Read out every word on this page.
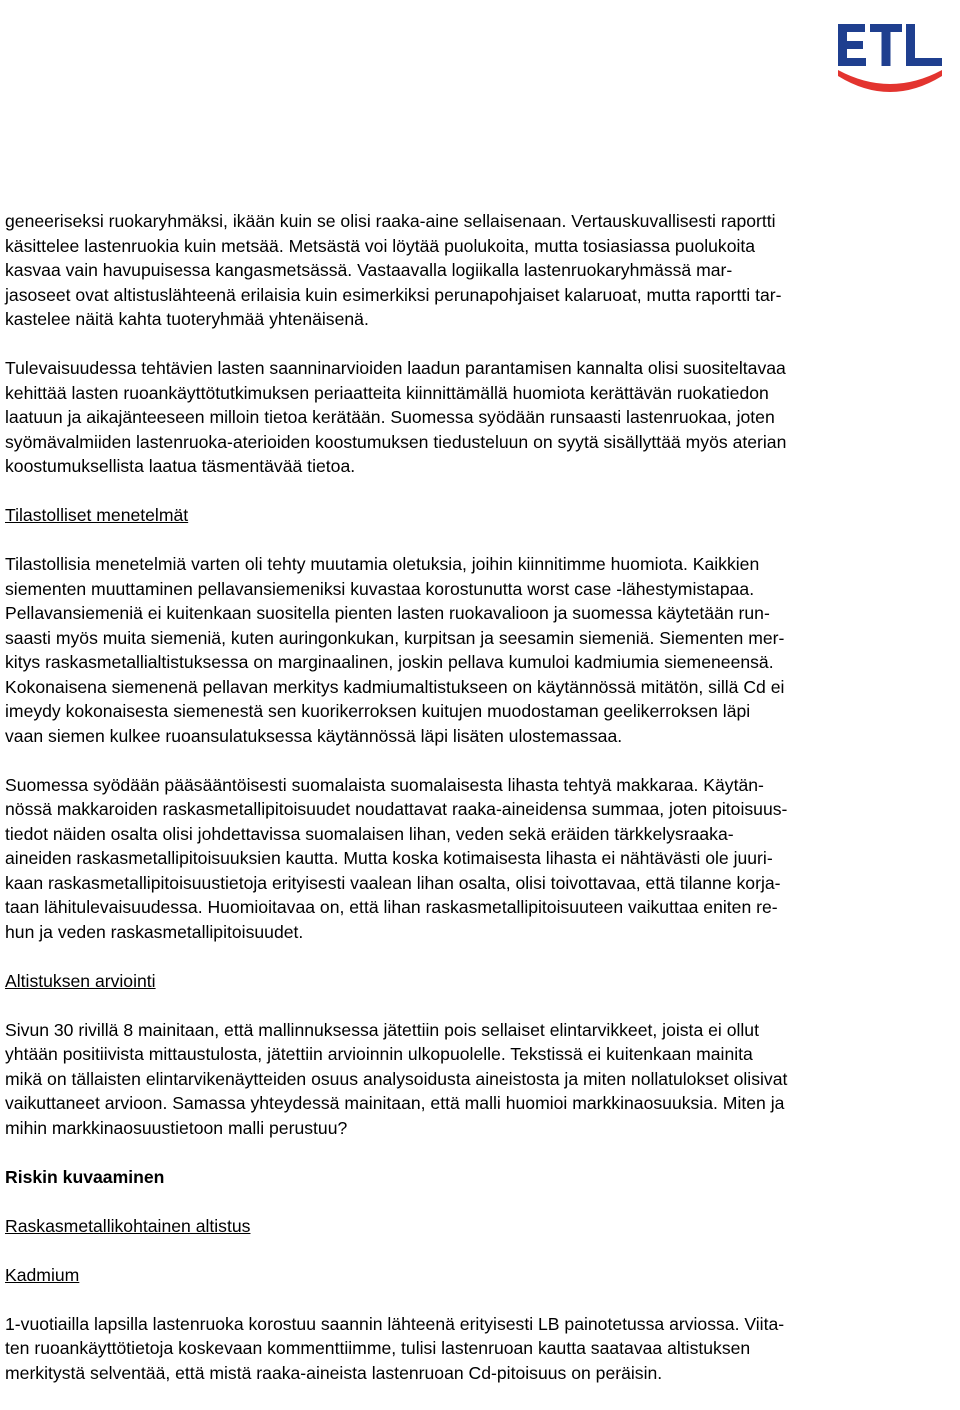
geneeriseksi ruokaryhmäksi, ikään kuin se olisi raaka-aine sellaisenaan. Vertauskuvallisesti raportti
käsittelee lastenruokia kuin metsää. Metsästä voi löytää puolukoita, mutta tosiasiassa puolukoita
kasvaa vain havupuisessa kangasmetsässä. Vastaavalla logiikalla lastenruokaryhmässä mar-
jasoseet ovat altistuslähteenä erilaisia kuin esimerkiksi perunapohjaiset kalaruoat, mutta raportti tar-
kastelee näitä kahta tuoteryhmää yhtenäisenä.

Tulevaisuudessa tehtävien lasten saanninarvioiden laadun parantamisen kannalta olisi suositeltavaa
kehittää lasten ruoankäyttötutkimuksen periaatteita kiinnittämällä huomiota kerättävän ruokatiedon
laatuun ja aikajänteeseen milloin tietoa kerätään. Suomessa syödään runsaasti lastenruokaa, joten
syömävalmiiden lastenruoka-aterioiden koostumuksen tiedusteluun on syytä sisällyttää myös aterian
koostumuksellista laatua täsmentävää tietoa.

Tilastolliset menetelmät

Tilastollisia menetelmiä varten oli tehty muutamia oletuksia, joihin kiinnitimme huomiota. Kaikkien
siementen muuttaminen pellavansiemeniksi kuvastaa korostunutta worst case -lähestymistapaa.
Pellavansiemeniä ei kuitenkaan suositella pienten lasten ruokavalioon ja suomessa käytetään run-
saasti myös muita siemeniä, kuten auringonkukan, kurpitsan ja seesamin siemeniä. Siementen mer-
kitys raskasmetallialtistuksessa on marginaalinen, joskin pellava kumuloi kadmiumia siemeneensä.
Kokonaisena siemenenä pellavan merkitys kadmiumaltistukseen on käytännössä mitätön, sillä Cd ei
imeydy kokonaisesta siemenestä sen kuorikerroksen kuitujen muodostaman geelikerroksen läpi
vaan siemen kulkee ruoansulatuksessa käytännössä läpi lisäten ulostemassaa.

Suomessa syödään pääsääntöisesti suomalaista suomalaisesta lihasta tehtyä makkaraa. Käytän-
nössä makkaroiden raskasmetallipitoisuudet noudattavat raaka-aineidensa summaa, joten pitoisuus-
tiedot näiden osalta olisi johdettavissa suomalaisen lihan, veden sekä eräiden tärkkelysraaka-
aineiden raskasmetallipitoisuuksien kautta. Mutta koska kotimaisesta lihasta ei nähtävästi ole juuri-
kaan raskasmetallipitoisuustietoja erityisesti vaalean lihan osalta, olisi toivottavaa, että tilanne korja-
taan lähitulevaisuudessa. Huomioitavaa on, että lihan raskasmetallipitoisuuteen vaikuttaa eniten re-
hun ja veden raskasmetallipitoisuudet.

Altistuksen arviointi

Sivun 30 rivillä 8 mainitaan, että mallinnuksessa jätettiin pois sellaiset elintarvikkeet, joista ei ollut
yhtään positiivista mittaustulosta, jätettiin arvioinnin ulkopuolelle. Tekstissä ei kuitenkaan mainita
mikä on tällaisten elintarvikenäytteiden osuus analysoidusta aineistosta ja miten nollatulokset olisivat
vaikuttaneet arvioon. Samassa yhteydessä mainitaan, että malli huomioi markkinaosuuksia. Miten ja
mihin markkinaosuustietoon malli perustuu?

Riskin kuvaaminen

Raskasmetallikohtainen altistus

Kadmium

1-vuotiailla lapsilla lastenruoka korostuu saannin lähteenä erityisesti LB painotetussa arviossa. Viita-
ten ruoankäyttötietoja koskevaan kommenttiimme, tulisi lastenruoan kautta saatavaa altistuksen
merkitystä selventää, että mistä raaka-aineista lastenruoan Cd-pitoisuus on peräisin.
